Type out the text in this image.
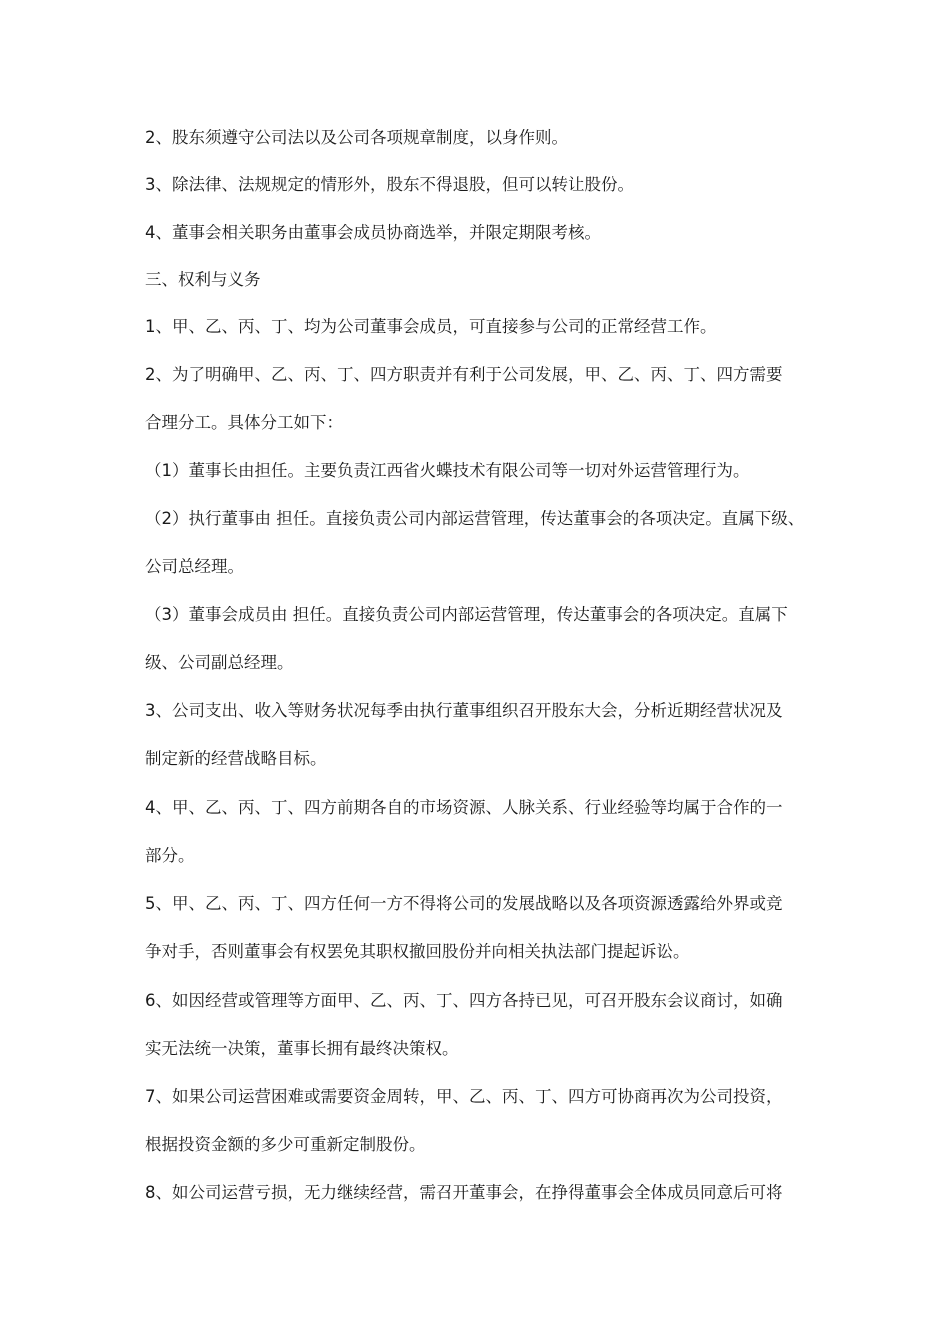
2、股东须遵守公司法以及公司各项规章制度，以身作则。
3、除法律、法规规定的情形外，股东不得退股，但可以转让股份。
4、董事会相关职务由董事会成员协商选举，并限定期限考核。
三、权利与义务
1、甲、乙、丙、丁、均为公司董事会成员，可直接参与公司的正常经营工作。
2、为了明确甲、乙、丙、丁、四方职责并有利于公司发展，甲、乙、丙、丁、四方需要
合理分工。具体分工如下：
（1）董事长由担任。主要负责江西省火蝶技术有限公司等一切对外运营管理行为。
（2）执行董事由 担任。直接负责公司内部运营管理，传达董事会的各项决定。直属下级、
公司总经理。
（3）董事会成员由 担任。直接负责公司内部运营管理，传达董事会的各项决定。直属下
级、公司副总经理。
3、公司支出、收入等财务状况每季由执行董事组织召开股东大会，分析近期经营状况及
制定新的经营战略目标。
4、甲、乙、丙、丁、四方前期各自的市场资源、人脉关系、行业经验等均属于合作的一
部分。
5、甲、乙、丙、丁、四方任何一方不得将公司的发展战略以及各项资源透露给外界或竞
争对手，否则董事会有权罢免其职权撤回股份并向相关执法部门提起诉讼。
6、如因经营或管理等方面甲、乙、丙、丁、四方各持已见，可召开股东会议商讨，如确
实无法统一决策，董事长拥有最终决策权。
7、如果公司运营困难或需要资金周转，甲、乙、丙、丁、四方可协商再次为公司投资，
根据投资金额的多少可重新定制股份。
8、如公司运营亏损，无力继续经营，需召开董事会，在挣得董事会全体成员同意后可将
